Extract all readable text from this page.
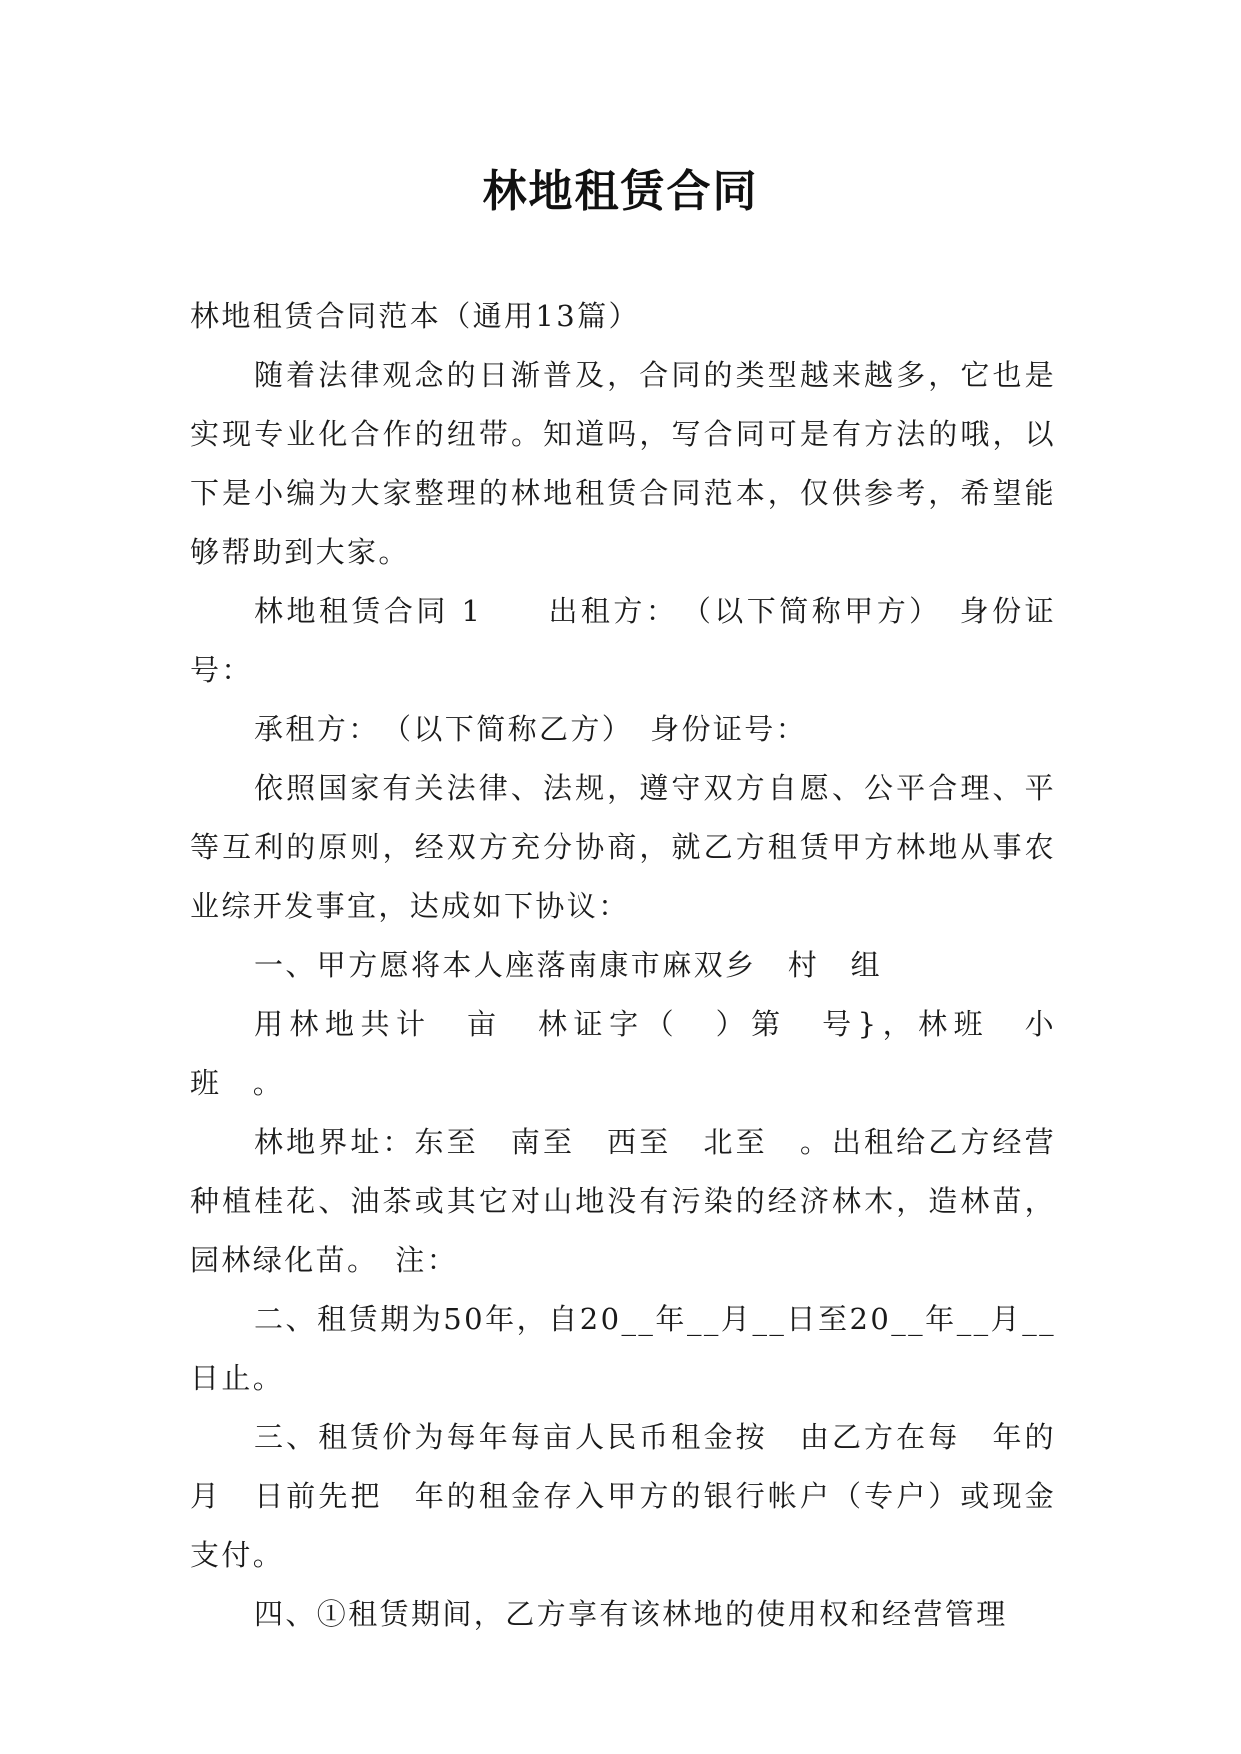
林地租赁合同

林地租赁合同范本（通用13篇）

随着法律观念的日渐普及，合同的类型越来越多，它也是实现专业化合作的纽带。知道吗，写合同可是有方法的哦，以下是小编为大家整理的林地租赁合同范本，仅供参考，希望能够帮助到大家。

林地租赁合同 1　　出租方：　（以下简称甲方）　身份证号：

承租方：　（以下简称乙方）　身份证号：

依照国家有关法律、法规，遵守双方自愿、公平合理、平等互利的原则，经双方充分协商，就乙方租赁甲方林地从事农业综开发事宜，达成如下协议：

一、甲方愿将本人座落南康市麻双乡　村　组

用林地共计　亩　林证字（　）第　号}，林班　小班　。

林地界址：东至　南至　西至　北至　。出租给乙方经营种植桂花、油茶或其它对山地没有污染的经济林木，造林苗，园林绿化苗。　注：

二、租赁期为50年，自20__年__月__日至20__年__月__日止。

三、租赁价为每年每亩人民币租金按　由乙方在每　年的月　日前先把　年的租金存入甲方的银行帐户（专户）或现金支付。

四、①租赁期间，乙方享有该林地的使用权和经营管理
